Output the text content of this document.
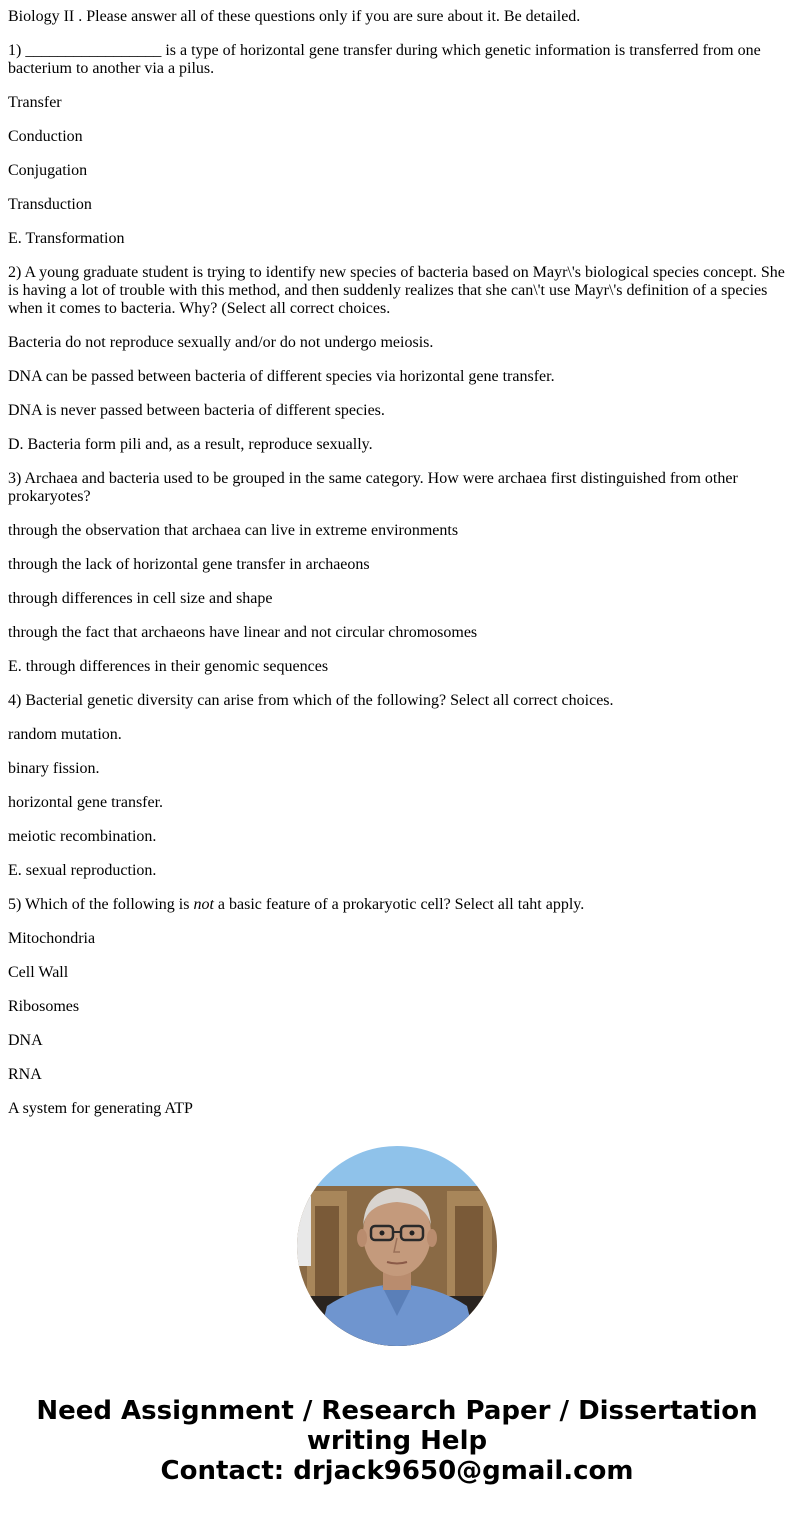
Biology II . Please answer all of these questions only if you are sure about it. Be detailed.

1) _________________ is a type of horizontal gene transfer during which genetic information is transferred from one bacterium to another via a pilus.

Transfer

Conduction

Conjugation

Transduction

E. Transformation

2) A young graduate student is trying to identify new species of bacteria based on Mayr\'s biological species concept. She is having a lot of trouble with this method, and then suddenly realizes that she can\'t use Mayr\'s definition of a species when it comes to bacteria. Why? (Select all correct choices.

Bacteria do not reproduce sexually and/or do not undergo meiosis.

DNA can be passed between bacteria of different species via horizontal gene transfer.

DNA is never passed between bacteria of different species.

D. Bacteria form pili and, as a result, reproduce sexually.

3) Archaea and bacteria used to be grouped in the same category. How were archaea first distinguished from other prokaryotes?

through the observation that archaea can live in extreme environments

through the lack of horizontal gene transfer in archaeons

through differences in cell size and shape

through the fact that archaeons have linear and not circular chromosomes

E. through differences in their genomic sequences

4) Bacterial genetic diversity can arise from which of the following? Select all correct choices.

random mutation.

binary fission.

horizontal gene transfer.

meiotic recombination.

E. sexual reproduction.

5) Which of the following is not a basic feature of a prokaryotic cell? Select all taht apply.

Mitochondria

Cell Wall

Ribosomes

DNA

RNA

A system for generating ATP

Need Assignment / Research Paper / Dissertation writing Help
Contact: drjack9650@gmail.com
